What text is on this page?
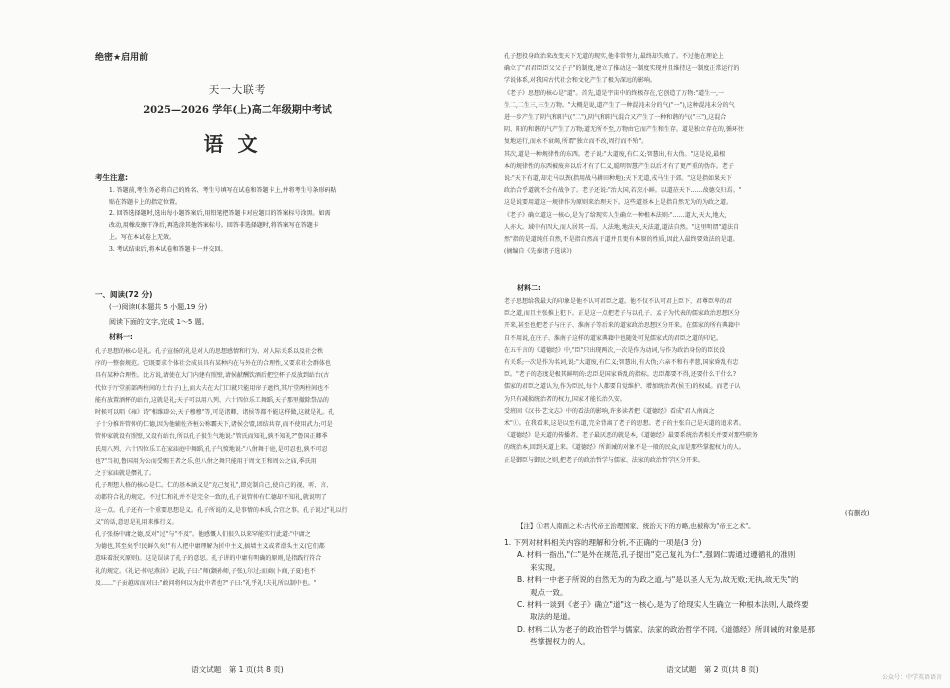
绝密★启用前
天一大联考
2025—2026 学年(上)高二年级期中考试
语文
考生注意:
1. 答题前,考生务必将自己的姓名、考生号填写在试卷和答题卡上,并将考生号条形码粘
贴在答题卡上的指定位置。
2. 回答选择题时,选出每小题答案后,用铅笔把答题卡对应题目的答案标号涂黑。如需
改动,用橡皮擦干净后,再选涂其他答案标号。回答非选择题时,将答案写在答题卡
上。写在本试卷上无效。
3. 考试结束后,将本试卷和答题卡一并交回。
一、阅读(72 分)
(一)阅读Ⅰ(本题共 5 小题,19 分)
阅读下面的文字,完成 1～5 题。
材料一:
孔子思想的核心是礼。孔子宣扬的礼是对人的思想感情和行为、对人际关系以及社会秩
序的一整套规范。它既要求个体社会成员具有某种内在与外在的合理性,又要求社会群体也
具有某种合理性。比方说,请使在大门内建有照壁,请侯献酬饮酒后把空杯子反放到站台(古
代位于厅堂前部两柱间的土台子)上,而大夫在大门口就只能用帘子遮挡,其厅堂两柱间也不
能有放置酒杯的站台,这就是礼;天子可以用八列、六十四位乐工舞蹈,天子那里撤除祭品的
时候可以唱《雍》诗"相维辟公,天子穆穆"等,可是诸卿、诸侯等都不能这样做,这就是礼。孔
子十分推许管仲的仁德,因为他辅佐齐桓公称霸天下,诸侯会盟,团结共存,而不使用武力;可是
管仲家就设有照壁,又设有站台,所以孔子很生气地说:"管氏而知礼,孰不知礼?"鲁国正卿季
氏用八列、六十四位乐工在家庙庭中舞蹈,孔子气愤地说:"八佾舞于庭,是可忍也,孰不可忍
也?"当初,鲁国用为公而受赐王者之乐,但八佾之舞只能用于周文王和周公之庙,季氏用
之于家庙就是僭礼了。
孔子理想人格的核心是仁。仁的基本涵义是"克己复礼",即克制自己,使自己的视、听、言、
动都符合礼的规定。不过仁和礼并不是完全一致的,孔子说管仲有仁德却不知礼,就说明了
这一点。孔子还有一个重要思想是义。孔子所说的义,是事情的本质,合宜之事。孔子说过"礼以行
义"的话,意思是礼用来推行义。
孔子张扬中庸之德,反对"过"与"不及"。他感慨人们很久以来罕能实行此道:"中庸之
为德也,其至矣乎!民鲜久矣!"有人把中庸理解为折中主义,搞墙主义或者滑头主义(它们都
意味着泯灭原则)。这是误读了孔子的意思。孔子讲的中庸有明确的原则,是指践行符合
礼的规定。《礼记·仲尼燕居》记载,子曰:"师(颛孙师,子张),尔过;而商(卜商,子夏)也不
及……"子贡越席而对曰:"敢问将何以为此中者也?"子曰:"礼乎礼!夫礼所以制中也。"
语文试题　第 1 页(共 8 页)
孔子想投身政治来改变天下无道的现实,他非常努力,最终却失败了。不过他在理论上
确立了"君君臣臣父父子子"的制度,建立了推动这一制度实现并且维持这一制度正常运行的
学说体系,对我国古代社会和文化产生了极为深远的影响。
《老子》思想的核心是"道"。首先,道是宇宙中的终极存在,它创造了万物:"道生一,一
生二,二生三,三生万物。"大概是说,道产生了一种混沌未分的气("一"),这种混沌未分的气
进一步产生了阴气和阳气("二"),阴气和阳气混合又产生了一种和谐的气("三"),这混合
阴、阳的和谐的气产生了万物;道无所不至,万物由它而产生和生存。道是独立存在的,循环往
复地运行,而永不衰竭,所谓"独立而不改,周行而不殆"。
其次,道是一种规律性的东西。老子说:"大道废,有仁义;智慧出,有大伪。"这是说,最根
本的规律性的东西被废弃以后才有了仁义,聪明智慧产生以后才有了更严重的伪诈。老子
说:"天下有道,却走马以粪(指用战马耕田种地);天下无道,戎马生于郊。"这是指如果天下
政治合乎道就不会有战争了。老子还说:"治大国,若烹小鲜。以道莅天下……故德交归焉。"
这是说要用道这一规律作为原则来治理天下。这些道基本上是指自然无为的为政之道。
《老子》确立道这一核心,是为了给现实人生确立一种根本法则:"……道大,天大,地大,
人亦大。域中有四大,而人居其一焉。人法地,地法天,天法道,道法自然。"这里明谓"道法自
然"指的是道纯任自然,不是指自然高于道并且更有本原的性质,因此人最终要效法的是道。
(摘编自《先秦诸子选读》)
材料二:
老子思想给我最大的印象是他不认可君臣之道。他不仅不认可君上臣下、君尊臣卑的君
臣之道,而且主张推上犯下。正是这一点把老子与以孔子、孟子为代表的儒家政治思想区分
开来,甚至也把老子与庄子、淮南子等后来的道家政治思想区分开来。在儒家的所有典籍中
自不用说,在庄子、淮南子这样的道家典籍中也随处可见儒家式的君臣之道的印记。
在五千言的《道德经》中,"臣"只出现两次,一次是作为动词,与作为政治身份的臣民没
有关系;一次是作为名词,说:"大道废,有仁义;智慧出,有大伪;六亲不和有孝慈,国家昏乱有忠
臣。"老子的态度是极其鲜明的:忠臣是国家昏乱的指标。忠臣都要不得,还要什么干什么?
儒家的君臣之道认为,作为臣民,每个人都要自觉维护、增加统治者(侯王)的权威。而老子认
为只有减损统治者的权力,国家才能长治久安。
受班固《汉书·艺文志》中的看法的影响,许多读者把《道德经》看成"君人南面之
术"①。在我看来,这是以至有道,完全背离了老子的思想。老子的主张自己是天道的追求者。
《道德经》是天道的传播者。老子最厌恶的就是本,《道德经》最要系统治者相关并要对那些职务
的统治本,回到天道上来。《道德经》所训诫的对象不是一般的民众,而是那些掌握权力的人。
正是御臣与御民之则,把老子的政治哲学与儒家、法家的政治哲学区分开来。
(有删改)
【注】①君人南面之术:古代帝王治理国家、统治天下的方略,也被称为"帝王之术"。
1. 下列对材料相关内容的理解和分析,不正确的一项是(3 分)
A. 材料一指出,"仁"是外在规范,孔子提出"克己复礼为仁",强调仁需通过遵循礼的准则
来实现。
B. 材料一中老子所说的自然无为的为政之道,与"是以圣人无为,故无败;无执,故无失"的
观点一致。
C. 材料一谈到《老子》确立"道"这一核心,是为了给现实人生确立一种根本法则,人最终要
取法的是道。
D. 材料二认为老子的政治哲学与儒家、法家的政治哲学不同,《道德经》所训诫的对象是那
些掌握权力的人。
语文试题　第 2 页(共 8 页)
公众号：中学英语语言
